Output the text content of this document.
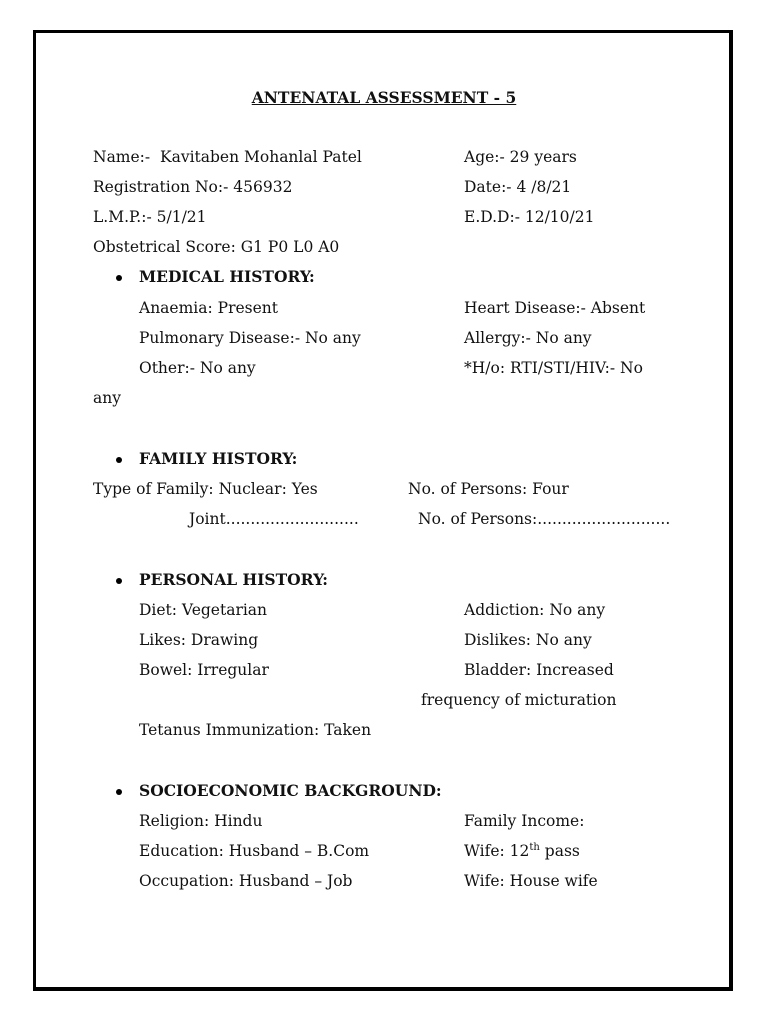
ANTENATAL ASSESSMENT - 5
Name:- Kavitaben Mohanlal Patel	Age:- 29 years
Registration No:- 456932	Date:- 4 /8/21
L.M.P.:- 5/1/21	E.D.D:- 12/10/21
Obstetrical Score: G1 P0 L0 A0
MEDICAL HISTORY:
Anaemia: Present	Heart Disease:- Absent
Pulmonary Disease:- No any	Allergy:- No any
Other:- No any	*H/o: RTI/STI/HIV:- No
any
FAMILY HISTORY:
Type of Family: Nuclear: Yes	No. of Persons: Four
Joint...........................	No. of Persons:...........................
PERSONAL HISTORY:
Diet: Vegetarian	Addiction: No any
Likes: Drawing	Dislikes: No any
Bowel: Irregular	Bladder: Increased
frequency of micturation
Tetanus Immunization: Taken
SOCIOECONOMIC BACKGROUND:
Religion: Hindu	Family Income:
Education: Husband – B.Com	Wife: 12th pass
Occupation: Husband – Job	Wife: House wife
